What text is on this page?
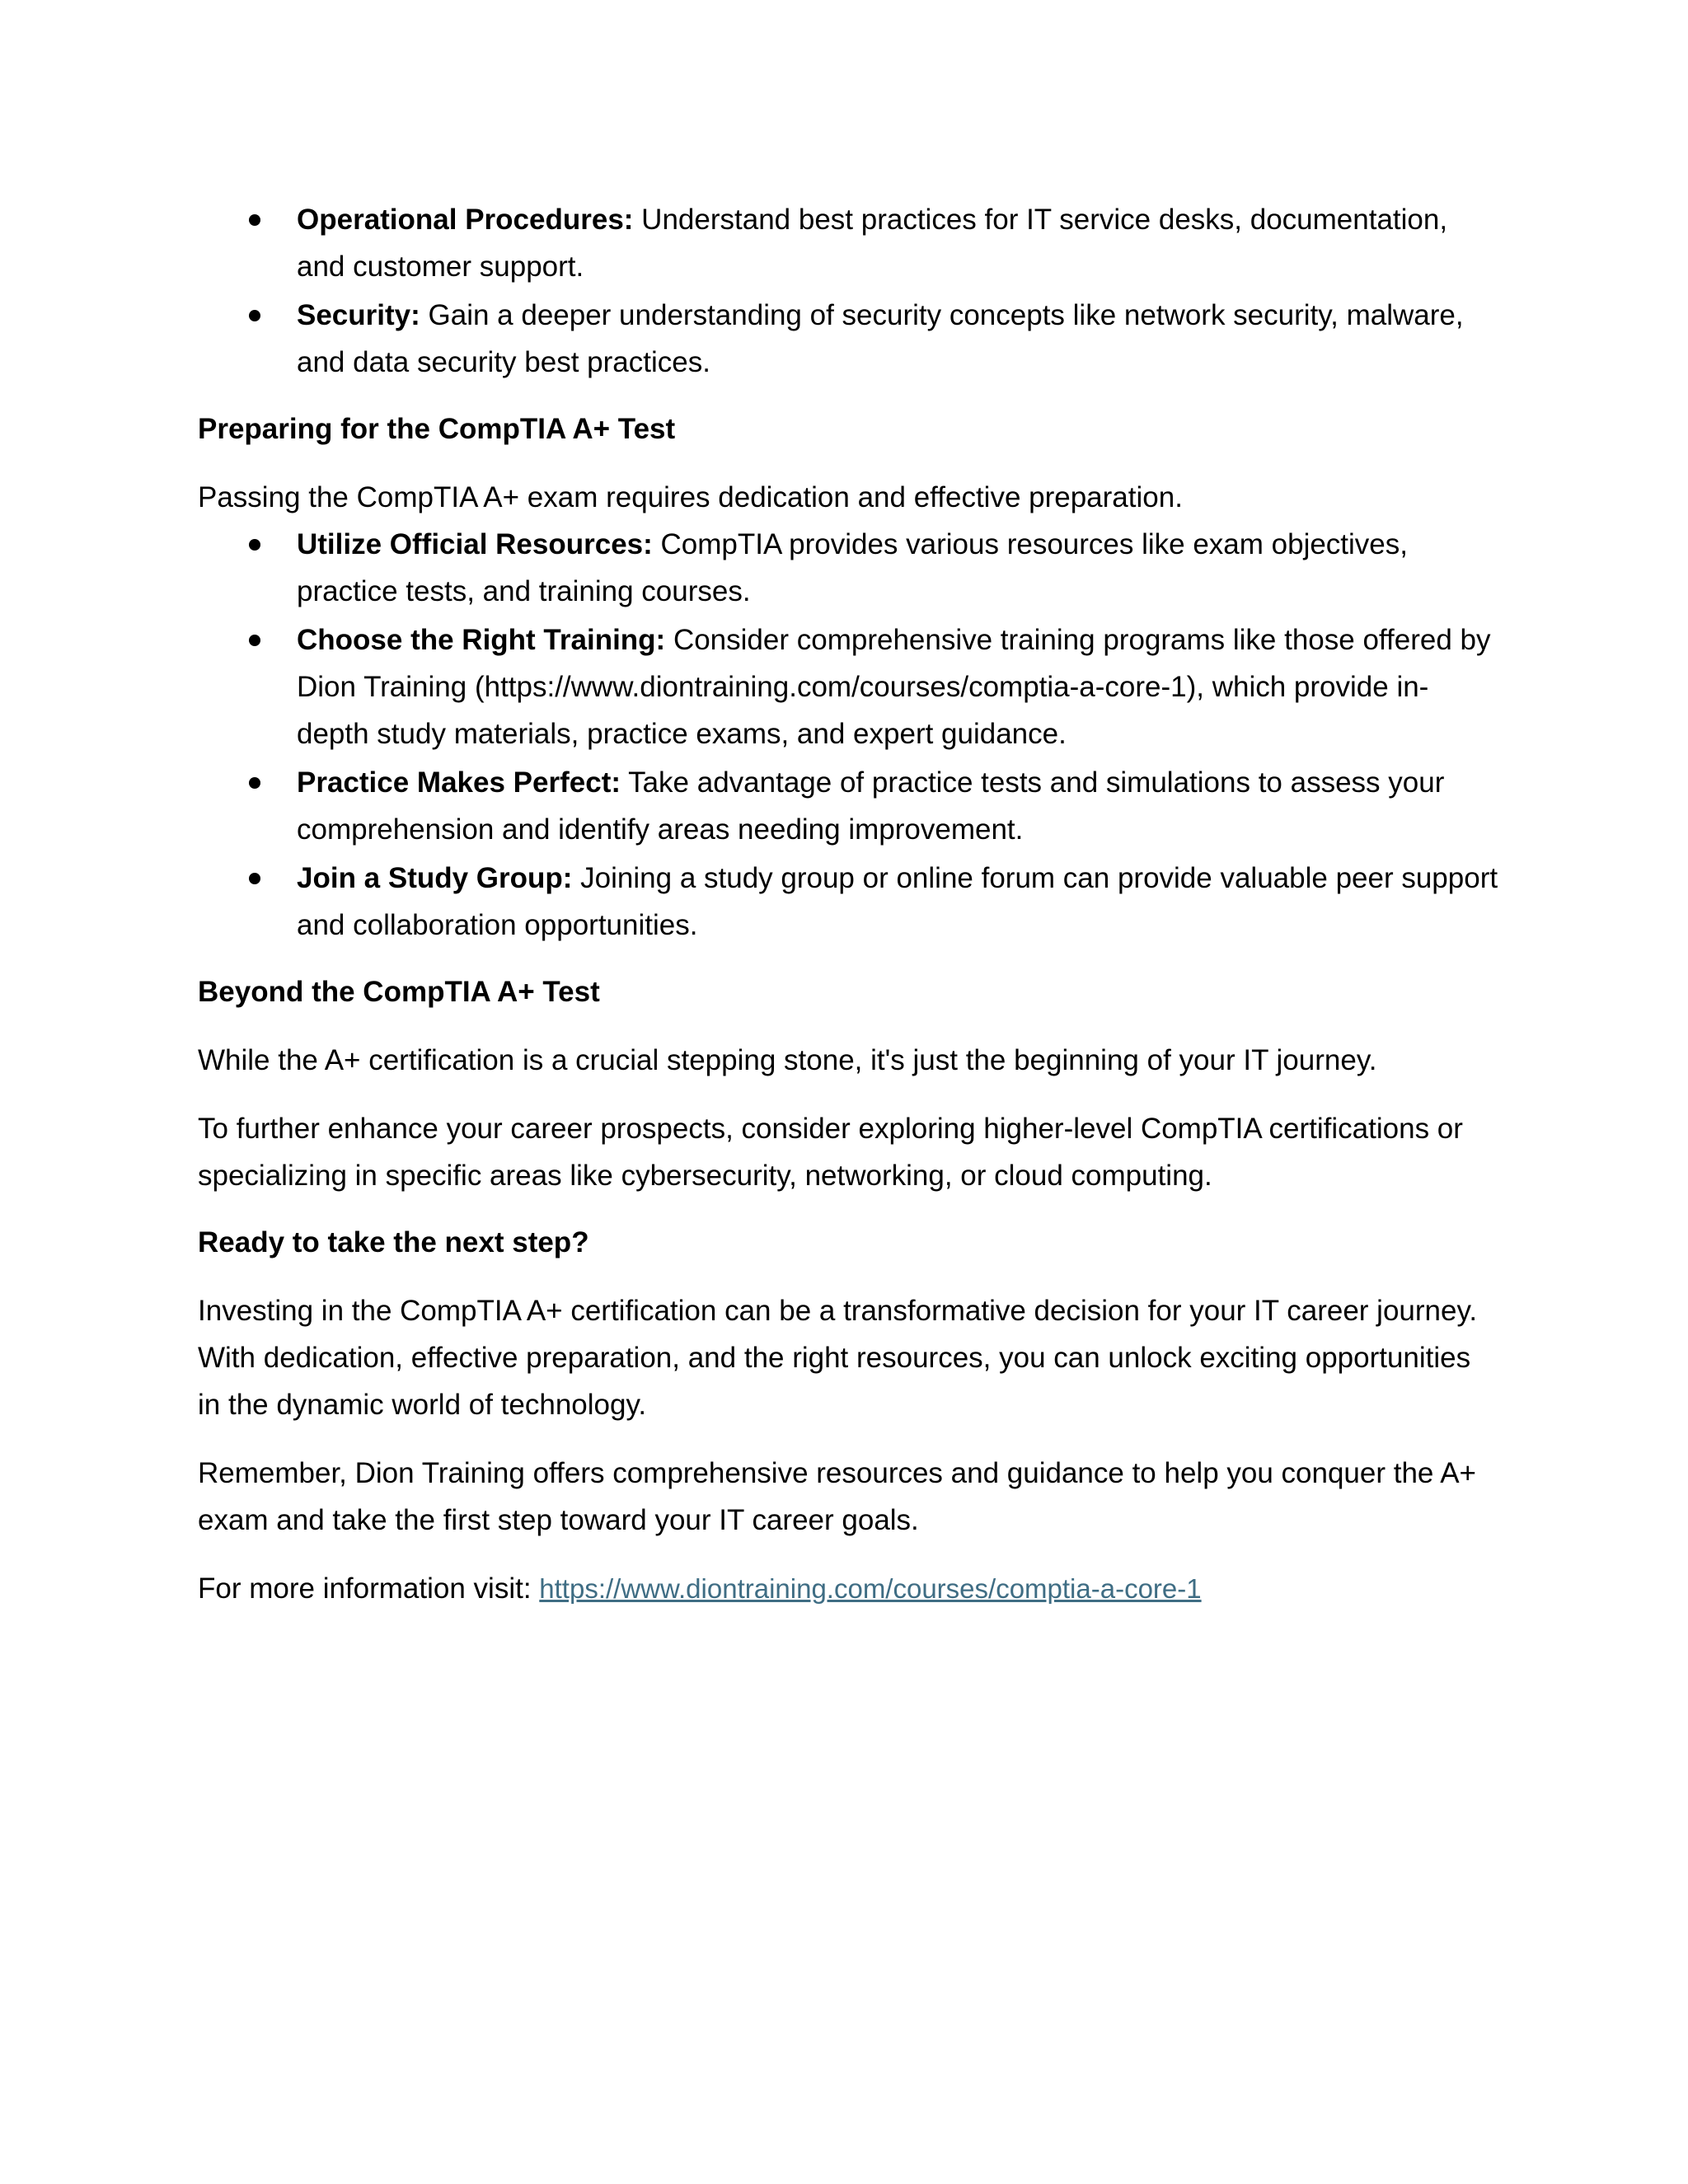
Operational Procedures: Understand best practices for IT service desks, documentation, and customer support.
Security: Gain a deeper understanding of security concepts like network security, malware, and data security best practices.
Preparing for the CompTIA A+ Test

Passing the CompTIA A+ exam requires dedication and effective preparation.

Utilize Official Resources: CompTIA provides various resources like exam objectives, practice tests, and training courses.
Choose the Right Training: Consider comprehensive training programs like those offered by Dion Training (https://www.diontraining.com/courses/comptia-a-core-1), which provide in-depth study materials, practice exams, and expert guidance.
Practice Makes Perfect: Take advantage of practice tests and simulations to assess your comprehension and identify areas needing improvement.
Join a Study Group: Joining a study group or online forum can provide valuable peer support and collaboration opportunities.
Beyond the CompTIA A+ Test

While the A+ certification is a crucial stepping stone, it's just the beginning of your IT journey.

To further enhance your career prospects, consider exploring higher-level CompTIA certifications or specializing in specific areas like cybersecurity, networking, or cloud computing.

Ready to take the next step?

Investing in the CompTIA A+ certification can be a transformative decision for your IT career journey. With dedication, effective preparation, and the right resources, you can unlock exciting opportunities in the dynamic world of technology.

Remember, Dion Training offers comprehensive resources and guidance to help you conquer the A+ exam and take the first step toward your IT career goals.

For more information visit: https://www.diontraining.com/courses/comptia-a-core-1
